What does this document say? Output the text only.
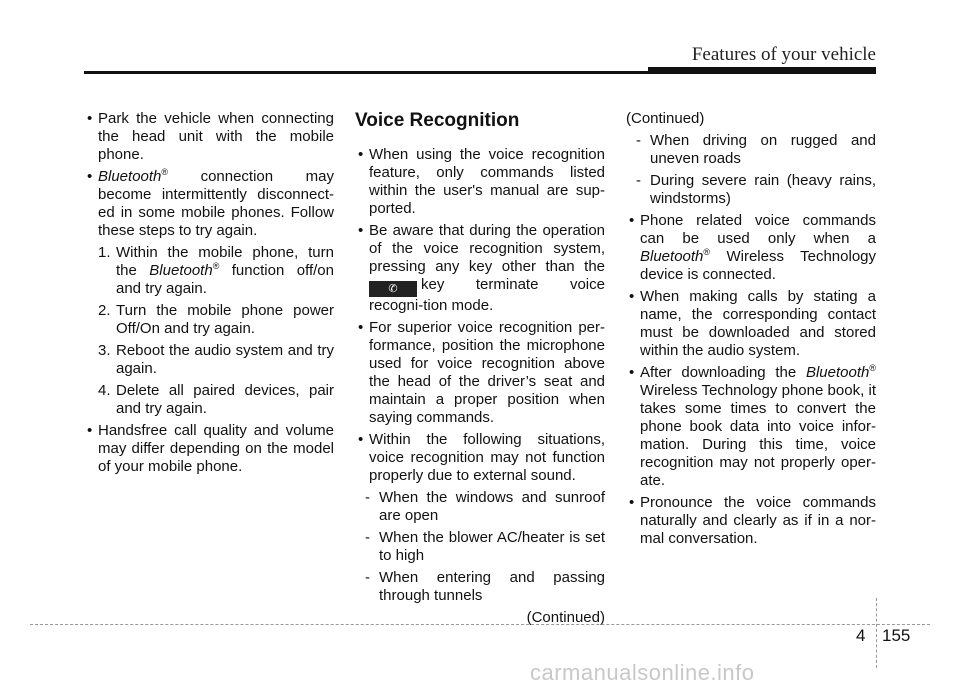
Features of your vehicle

• Park the vehicle when connecting the head unit with the mobile phone.

• Bluetooth® connection may become intermittently disconnect-ed in some mobile phones. Follow these steps to try again.

1. Within the mobile phone, turn the Bluetooth® function off/on and try again.

2. Turn the mobile phone power Off/On and try again.

3. Reboot the audio system and try again.

4. Delete all paired devices, pair and try again.

• Handsfree call quality and volume may differ depending on the model of your mobile phone.

Voice Recognition

• When using the voice recognition feature, only commands listed within the user's manual are sup-ported.

• Be aware that during the operation of the voice recognition system, pressing any key other than the ✆ key terminate voice recogni-tion mode.

• For superior voice recognition per-formance, position the microphone used for voice recognition above the head of the driver’s seat and maintain a proper position when saying commands.

• Within the following situations, voice recognition may not function properly due to external sound.

- When the windows and sunroof are open

- When the blower AC/heater is set to high

- When entering and passing through tunnels

(Continued)
(Continued)

- When driving on rugged and uneven roads

- During severe rain (heavy rains, windstorms)

• Phone related voice commands can be used only when a Bluetooth® Wireless Technology device is connected.

• When making calls by stating a name, the corresponding contact must be downloaded and stored within the audio system.

• After downloading the Bluetooth® Wireless Technology phone book, it takes some times to convert the phone book data into voice infor-mation. During this time, voice recognition may not properly oper-ate.

• Pronounce the voice commands naturally and clearly as if in a nor-mal conversation.

4 155
carmanualsonline.info
